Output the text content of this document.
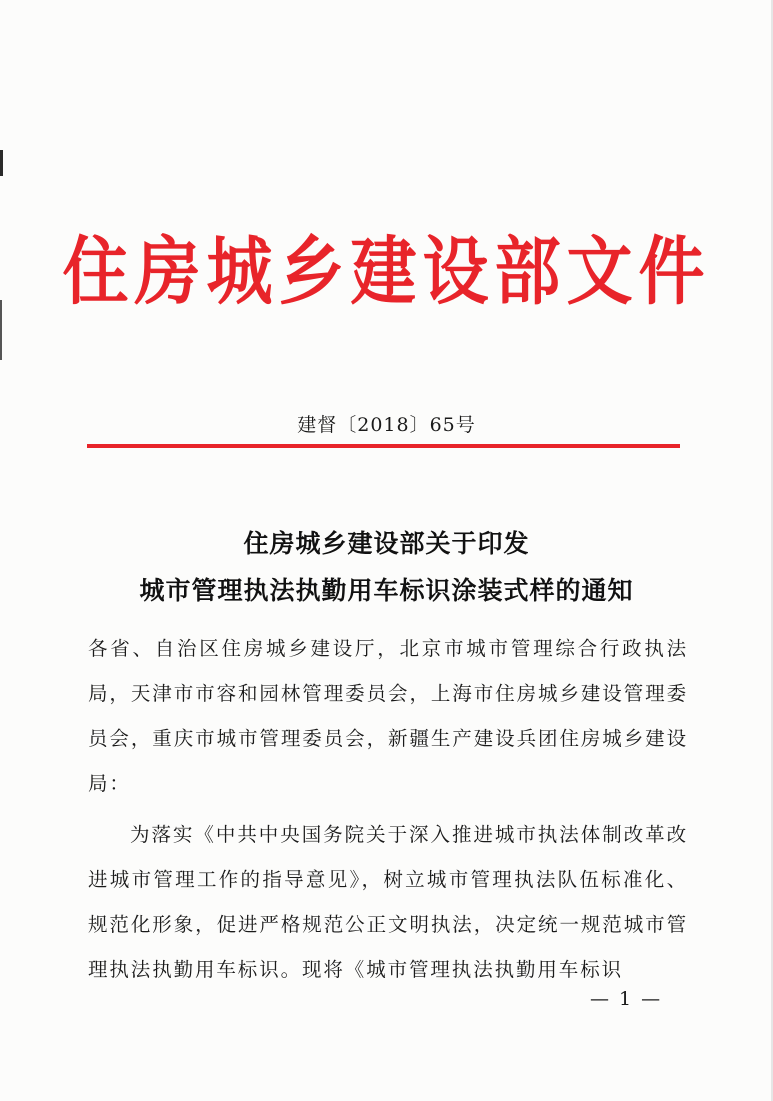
住房城乡建设部文件
建督〔2018〕65号
住房城乡建设部关于印发
城市管理执法执勤用车标识涂装式样的通知
各省、自治区住房城乡建设厅，北京市城市管理综合行政执法局，天津市市容和园林管理委员会，上海市住房城乡建设管理委员会，重庆市城市管理委员会，新疆生产建设兵团住房城乡建设局：
为落实《中共中央国务院关于深入推进城市执法体制改革改进城市管理工作的指导意见》，树立城市管理执法队伍标准化、规范化形象，促进严格规范公正文明执法，决定统一规范城市管理执法执勤用车标识。现将《城市管理执法执勤用车标识
— 1 —
